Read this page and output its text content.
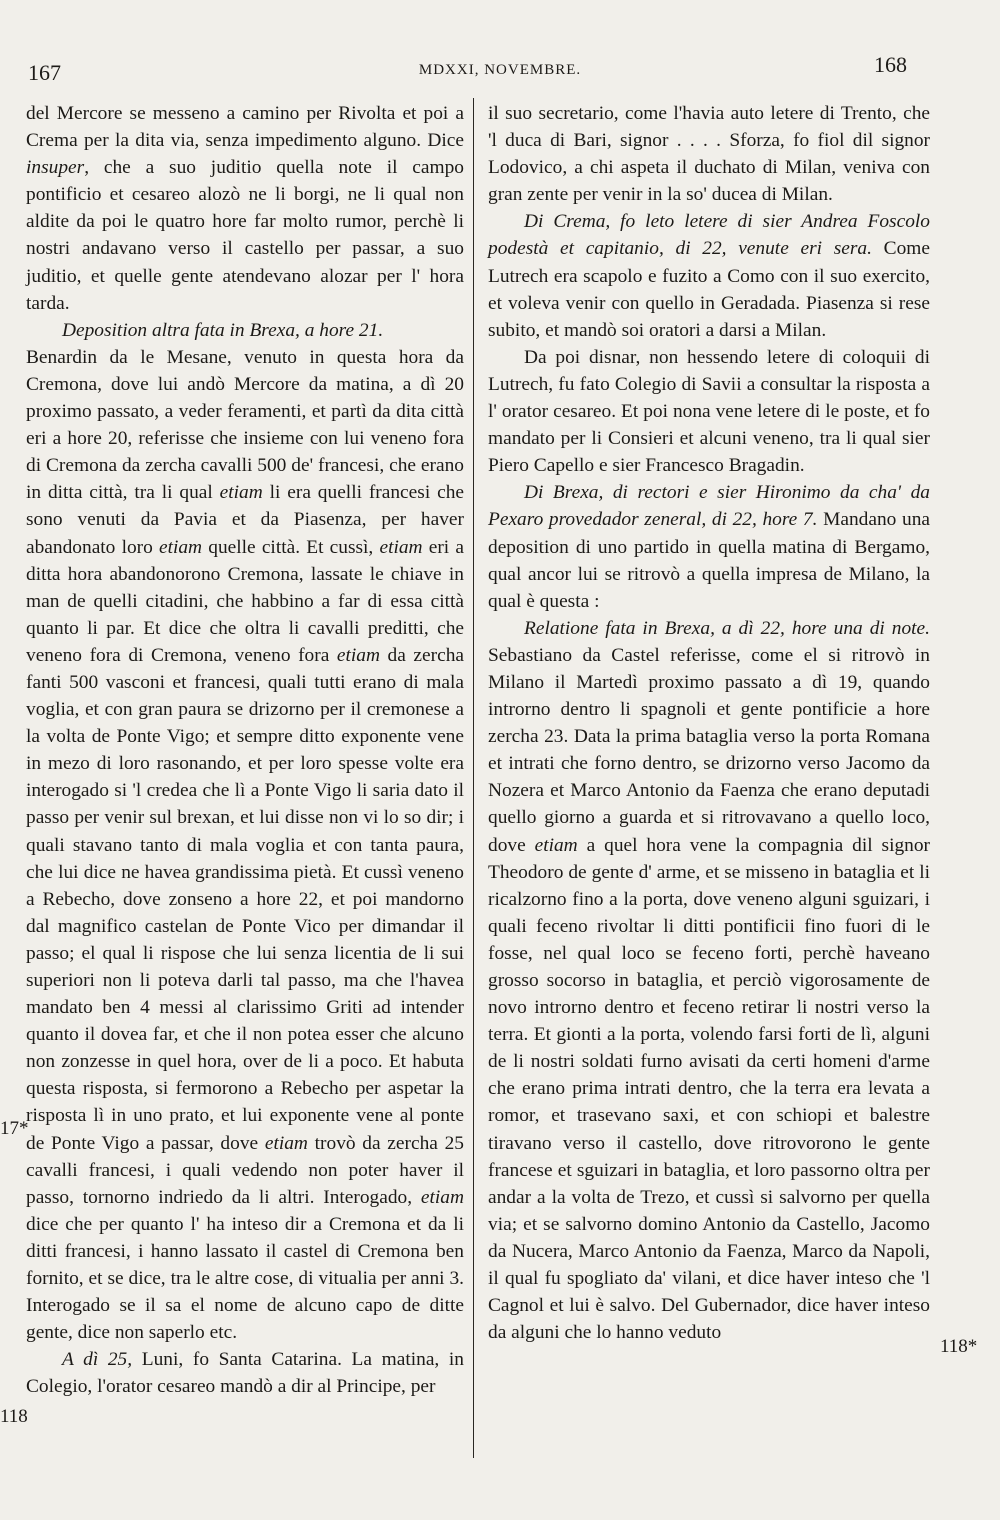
167	MDXXI, NOVEMBRE.	168

del Mercore se messeno a camino per Rivolta et poi a Crema per la dita via, senza impedimento alguno. Dice insuper, che a suo juditio quella note il campo pontificio et cesareo alozò ne li borgi, ne li qual non aldite da poi le quatro hore far molto rumor, perchè li nostri andavano verso il castello per passar, a suo juditio, et quelle gente atendevano alozar per l' hora tarda.

Deposition altra fata in Brexa, a hore 21.

Benardin da le Mesane, venuto in questa hora da Cremona, dove lui andò Mercore da matina, a dì 20 proximo passato, a veder feramenti, et partì da dita città eri a hore 20, referisse che insieme con lui veneno fora di Cremona da zercha cavalli 500 de' francesi, che erano in ditta città, tra li qual etiam li era quelli francesi che sono venuti da Pavia et da Piasenza, per haver abandonato loro etiam quelle città. Et cussì, etiam eri a ditta hora abandonorono Cremona, lassate le chiave in man de quelli citadini, che habbino a far di essa città quanto li par. Et dice che oltra li cavalli preditti, che veneno fora di Cremona, veneno fora etiam da zercha fanti 500 vasconi et francesi, quali tutti erano di mala voglia, et con gran paura se drizorno per il cremonese a la volta de Ponte Vigo; et sempre ditto exponente vene in mezo di loro rasonando, et per loro spesse volte era interogado si 'l credea che lì a Ponte Vigo li saria dato il passo per venir sul brexan, et lui disse non vi lo so dir; i quali stavano tanto di mala voglia et con tanta paura, che lui dice ne havea grandissima pietà. Et cussì veneno a Rebecho, dove zonseno a hore 22, et poi mandorno dal magnifico castelan de Ponte Vico per dimandar il passo; el qual li rispose che lui senza licentia de li sui superiori non li poteva darli tal passo, ma che l'havea mandato ben 4 messi al clarissimo Griti ad intender quanto il dovea far, et che il non potea esser che alcuno non zonzesse in quel hora, over de li a poco. Et habuta questa risposta, si fermorono a Rebecho per aspetar la risposta lì in uno prato, et lui exponente vene al ponte de Ponte Vigo a passar, dove etiam trovò da zercha 25 cavalli francesi, i quali vedendo non poter haver il passo, tornorno indriedo da li altri. Interogado, etiam dice che per quanto l' ha inteso dir a Cremona et da li ditti francesi, i hanno lassato il castel di Cremona ben fornito, et se dice, tra le altre cose, di vitualia per anni 3. Interogado se il sa el nome de alcuno capo de ditte gente, dice non saperlo etc.

A dì 25, Luni, fo Santa Catarina. La matina, in Colegio, l'orator cesareo mandò a dir al Principe, per

il suo secretario, come l'havia auto letere di Trento, che 'l duca di Bari, signor . . . . Sforza, fo fiol dil signor Lodovico, a chi aspeta il duchato di Milan, veniva con gran zente per venir in la so' ducea di Milan.

Di Crema, fo leto letere di sier Andrea Foscolo podestà et capitanio, di 22, venute eri sera. Come Lutrech era scapolo e fuzito a Como con il suo exercito, et voleva venir con quello in Geradada. Piasenza si rese subito, et mandò soi oratori a darsi a Milan.

Da poi disnar, non hessendo letere di coloquii di Lutrech, fu fato Colegio di Savii a consultar la risposta a l' orator cesareo. Et poi nona vene letere di le poste, et fo mandato per li Consieri et alcuni veneno, tra li qual sier Piero Capello e sier Francesco Bragadin.

Di Brexa, di rectori e sier Hironimo da cha' da Pexaro provedador zeneral, di 22, hore 7. Mandano una deposition di uno partido in quella matina di Bergamo, qual ancor lui se ritrovò a quella impresa de Milano, la qual è questa :

Relatione fata in Brexa, a dì 22, hore una di note. Sebastiano da Castel referisse, come el si ritrovò in Milano il Martedì proximo passato a dì 19, quando introrno dentro li spagnoli et gente pontificie a hore zercha 23. Data la prima bataglia verso la porta Romana et intrati che forno dentro, se drizorno verso Jacomo da Nozera et Marco Antonio da Faenza che erano deputadi quello giorno a guarda et si ritrovavano a quello loco, dove etiam a quel hora vene la compagnia dil signor Theodoro de gente d' arme, et se misseno in bataglia et li ricalzorno fino a la porta, dove veneno alguni sguizari, i quali feceno rivoltar li ditti pontificii fino fuori di le fosse, nel qual loco se feceno forti, perchè haveano grosso socorso in bataglia, et perciò vigorosamente de novo introrno dentro et feceno retirar li nostri verso la terra. Et gionti a la porta, volendo farsi forti de lì, alguni de li nostri soldati furno avisati da certi homeni d'arme che erano prima intrati dentro, che la terra era levata a romor, et trasevano saxi, et con schiopi et balestre tiravano verso il castello, dove ritrovorono le gente francese et sguizari in bataglia, et loro passorno oltra per andar a la volta de Trezo, et cussì si salvorno per quella via; et se salvorno domino Antonio da Castello, Jacomo da Nucera, Marco Antonio da Faenza, Marco da Napoli, il qual fu spogliato da' vilani, et dice haver inteso che 'l Cagnol et lui è salvo. Del Gubernador, dice haver inteso da alguni che lo hanno veduto

17*
118
118*
